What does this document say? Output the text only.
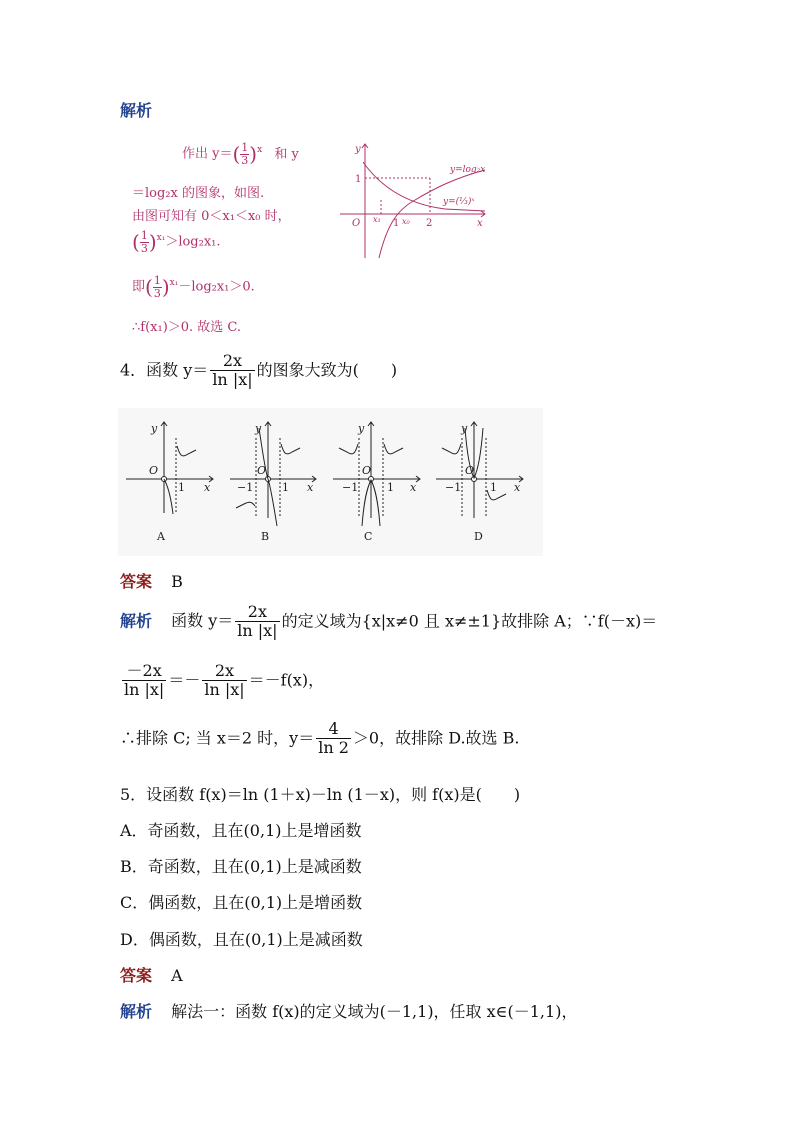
解析
作出 $y=( \frac{1}{3} )^x$ 和 y
＝log₂x 的图象，如图.
由图可知有 0＜x₁＜x₀ 时，
( $\frac{1}{3} )^{x_1}>\log_2x_1$.
即( $\frac{1}{3} )^{x_1}-\log_2x_1>0$.
∴f(x₁)＞0. 故选 C.
y
1
O	x
x₁ 1 x₀ 2
y=log₂x
y=(⅓)ˣ
4．函数 $y= \frac{2x}{\ln |x|}$ 的图象大致为(　　)
y
O
x
1
A
y
O
x
−1	1
B
y
O
x
−1	1
C
y
O
x
−1	1
D
答案 B
解析 函数 $y= \frac{2x}{\ln |x|}$ 的定义域为{x|x≠0 且 x≠±1}故排除 A；∵f(－x)＝
$\frac{-2x}{\ln |x|} =- \frac{2x}{\ln |x|} =-f(x)$，
∴排除 C; 当 x＝2 时，$y= \frac{4}{\ln 2} >0$，故排除 D.故选 B.
5．设函数 f(x)＝ln (1＋x)－ln (1－x)，则 f(x)是(　　)
A．奇函数，且在(0,1)上是增函数
B．奇函数，且在(0,1)上是减函数
C．偶函数，且在(0,1)上是增函数
D．偶函数，且在(0,1)上是减函数
答案 A
解析 解法一：函数 f(x)的定义域为(－1,1)，任取 x∈(－1,1)，
